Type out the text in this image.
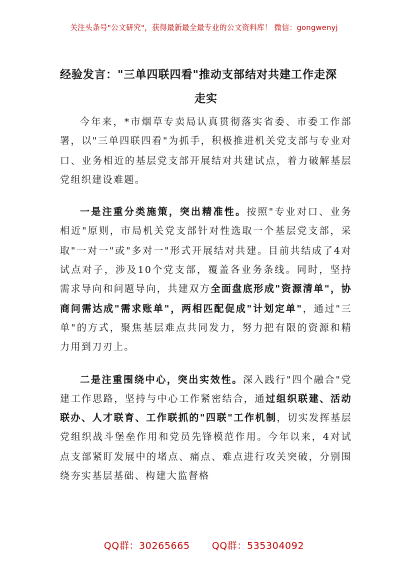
关注头条号"公文研究"，获得最新最全最专业的公文资料库！ 微信：gongwenyj
经验发言："三单四联四看"推动支部结对共建工作走深
走实

今年来，*市烟草专卖局认真贯彻落实省委、市委工作部署，以"三单四联四看"为抓手，积极推进机关党支部与专业对口、业务相近的基层党支部开展结对共建试点，着力破解基层党组织建设难题。

一是注重分类施策，突出精准性。按照"专业对口、业务相近"原则，市局机关党支部针对性选取一个基层党支部，采取"一对一"或"多对一"形式开展结对共建。目前共结成了4对试点对子，涉及10个党支部，覆盖各业务条线。同时，坚持需求导向和问题导向，共建双方全面盘底形成"资源清单"，协商问需达成"需求账单"，两相匹配促成"计划定单"，通过"三单"的方式，聚焦基层难点共同发力，努力把有限的资源和精力用到刀刃上。

二是注重围绕中心，突出实效性。深入践行"四个融合"党建工作思路，坚持与中心工作紧密结合，通过组织联建、活动联办、人才联育、工作联抓的"四联"工作机制，切实发挥基层党组织战斗堡垒作用和党员先锋模范作用。今年以来，4对试点支部紧盯发展中的堵点、痛点、难点进行攻关突破，分别围绕夯实基层基础、构建大监督格

QQ群：30265665 QQ群：535304092
